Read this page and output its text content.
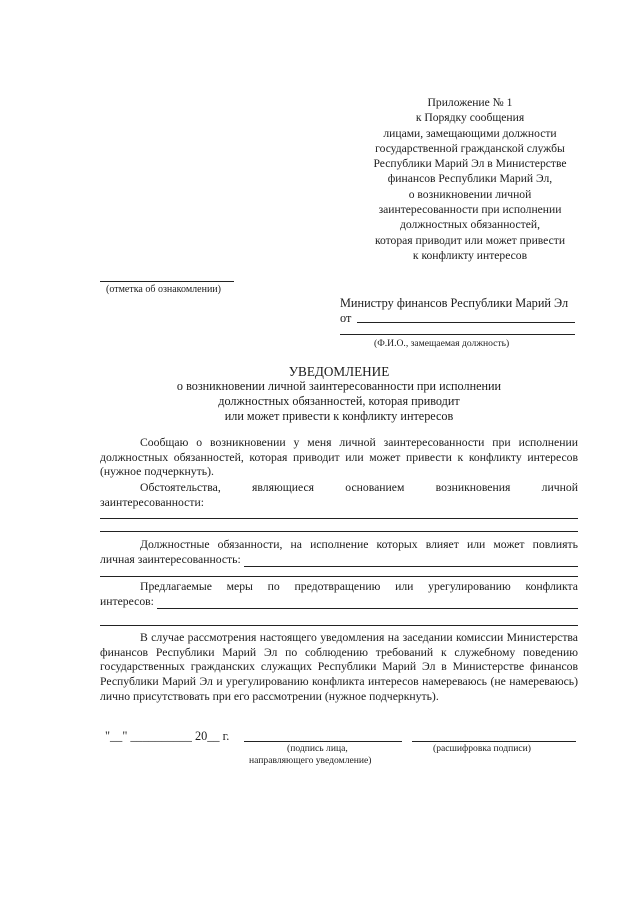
Приложение № 1
к Порядку сообщения
лицами, замещающими должности
государственной гражданской службы
Республики Марий Эл в Министерстве
финансов Республики Марий Эл,
о возникновении личной
заинтересованности при исполнении
должностных обязанностей,
которая приводит или может привести
к конфликту интересов
(отметка об ознакомлении)
Министру финансов Республики Марий Эл
от
(Ф.И.О., замещаемая должность)
УВЕДОМЛЕНИЕ
о возникновении личной заинтересованности при исполнении
должностных обязанностей, которая приводит
или может привести к конфликту интересов

Сообщаю о возникновении у меня личной заинтересованности при исполнении должностных обязанностей, которая приводит или может привести к конфликту интересов (нужное подчеркнуть).

Обстоятельства, являющиеся основанием возникновения личной

заинтересованности:

Должностные обязанности, на исполнение которых влияет или может повлиять

личная заинтересованность:

Предлагаемые меры по предотвращению или урегулированию конфликта

интересов:

В случае рассмотрения настоящего уведомления на заседании комиссии Министерства финансов Республики Марий Эл по соблюдению требований к служебному поведению государственных гражданских служащих Республики Марий Эл в Министерстве финансов Республики Марий Эл и урегулированию конфликта интересов намереваюсь (не намереваюсь) лично присутствовать при его рассмотрении (нужное подчеркнуть).

"__" __________ 20__ г.
(подпись лица,
направляющего уведомление)
(расшифровка подписи)
